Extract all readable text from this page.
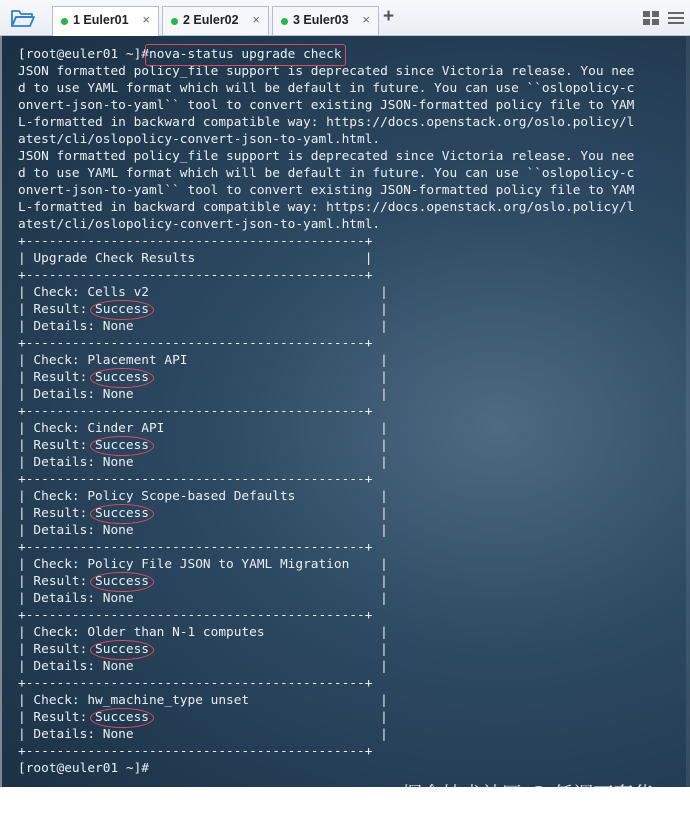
1 Euler01 ×	2 Euler02 ×	3 Euler03 × +
[root@euler01 ~]#nova-status upgrade check
JSON formatted policy_file support is deprecated since Victoria release. You nee
d to use YAML format which will be default in future. You can use ``oslopolicy-c
onvert-json-to-yaml`` tool to convert existing JSON-formatted policy file to YAM
L-formatted in backward compatible way: https://docs.openstack.org/oslo.policy/l
atest/cli/oslopolicy-convert-json-to-yaml.html.
JSON formatted policy_file support is deprecated since Victoria release. You nee
d to use YAML format which will be default in future. You can use ``oslopolicy-c
onvert-json-to-yaml`` tool to convert existing JSON-formatted policy file to YAM
L-formatted in backward compatible way: https://docs.openstack.org/oslo.policy/l
atest/cli/oslopolicy-convert-json-to-yaml.html.
+--------------------------------------------+
| Upgrade Check Results                      |
+--------------------------------------------+
| Check: Cells v2	|
| Result: Success	|
| Details: None	|
+--------------------------------------------+
| Check: Placement API	|
| Result: Success	|
| Details: None	|
+--------------------------------------------+
| Check: Cinder API	|
| Result: Success	|
| Details: None	|
+--------------------------------------------+
| Check: Policy Scope-based Defaults	|
| Result: Success	|
| Details: None	|
+--------------------------------------------+
| Check: Policy File JSON to YAML Migration |
| Result: Success	|
| Details: None	|
+--------------------------------------------+
| Check: Older than N-1 computes	|
| Result: Success	|
| Details: None	|
+--------------------------------------------+
| Check: hw_machine_type unset	|
| Result: Success	|
| Details: None	|
+--------------------------------------------+
[root@euler01 ~]#
掘金技术社区 @ 低调而奢华
CSDN @wei_shuo
